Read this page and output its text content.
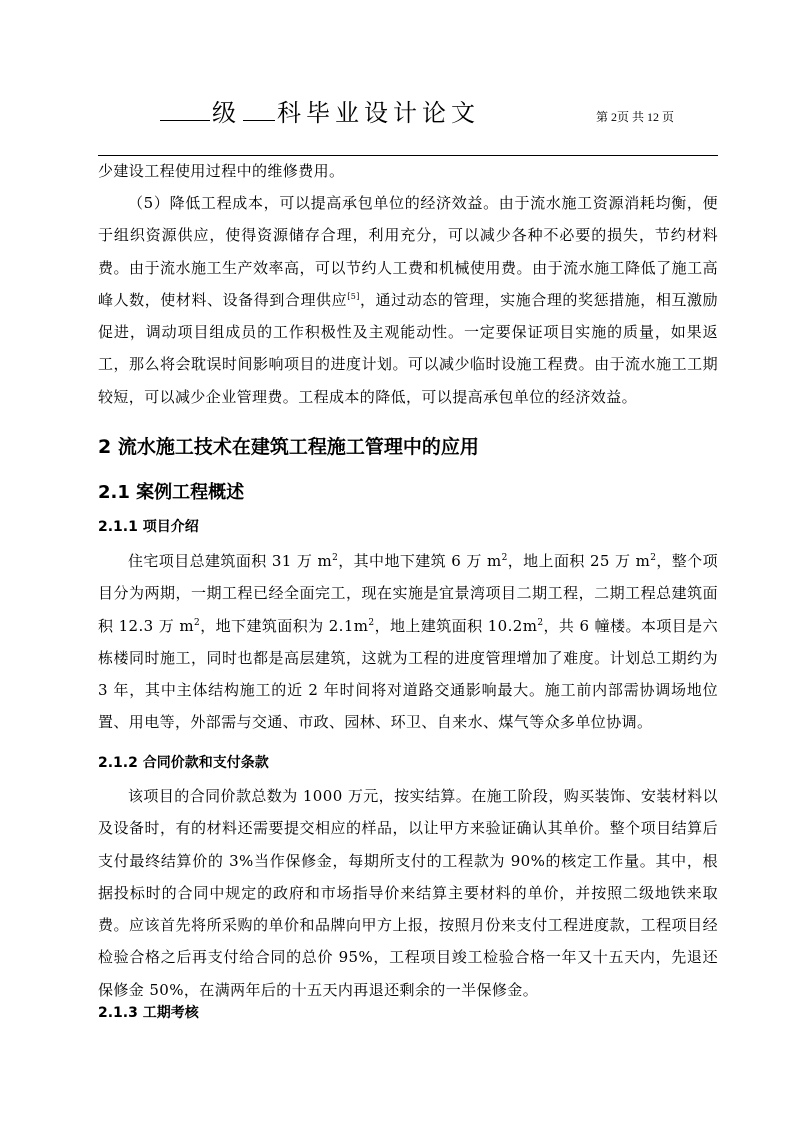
级 科毕业设计论文	第 2页 共 12 页

少建设工程使用过程中的维修费用。

（5）降低工程成本，可以提高承包单位的经济效益。由于流水施工资源消耗均衡，便于组织资源供应，使得资源储存合理，利用充分，可以减少各种不必要的损失，节约材料费。由于流水施工生产效率高，可以节约人工费和机械使用费。由于流水施工降低了施工高峰人数，使材料、设备得到合理供应[5]，通过动态的管理，实施合理的奖惩措施，相互激励促进，调动项目组成员的工作积极性及主观能动性。一定要保证项目实施的质量，如果返工，那么将会耽误时间影响项目的进度计划。可以减少临时设施工程费。由于流水施工工期较短，可以减少企业管理费。工程成本的降低，可以提高承包单位的经济效益。

2 流水施工技术在建筑工程施工管理中的应用
2.1 案例工程概述
2.1.1 项目介绍

住宅项目总建筑面积 31 万 $m^2$，其中地下建筑 6 万 $m^2$，地上面积 25 万 $m^2$，整个项目分为两期，一期工程已经全面完工，现在实施是宜景湾项目二期工程，二期工程总建筑面积 12.3 万 $m^2$，地下建筑面积为 $2.1m^2$，地上建筑面积 $10.2m^2$，共 6 幢楼。本项目是六栋楼同时施工，同时也都是高层建筑，这就为工程的进度管理增加了难度。计划总工期约为 3 年，其中主体结构施工的近 2 年时间将对道路交通影响最大。施工前内部需协调场地位置、用电等，外部需与交通、市政、园林、环卫、自来水、煤气等众多单位协调。

2.1.2 合同价款和支付条款

该项目的合同价款总数为 1000 万元，按实结算。在施工阶段，购买装饰、安装材料以及设备时，有的材料还需要提交相应的样品，以让甲方来验证确认其单价。整个项目结算后支付最终结算价的 3%当作保修金，每期所支付的工程款为 90%的核定工作量。其中，根据投标时的合同中规定的政府和市场指导价来结算主要材料的单价，并按照二级地铁来取费。应该首先将所采购的单价和品牌向甲方上报，按照月份来支付工程进度款，工程项目经检验合格之后再支付给合同的总价 95%，工程项目竣工检验合格一年又十五天内，先退还保修金 50%，在满两年后的十五天内再退还剩余的一半保修金。

2.1.3 工期考核
